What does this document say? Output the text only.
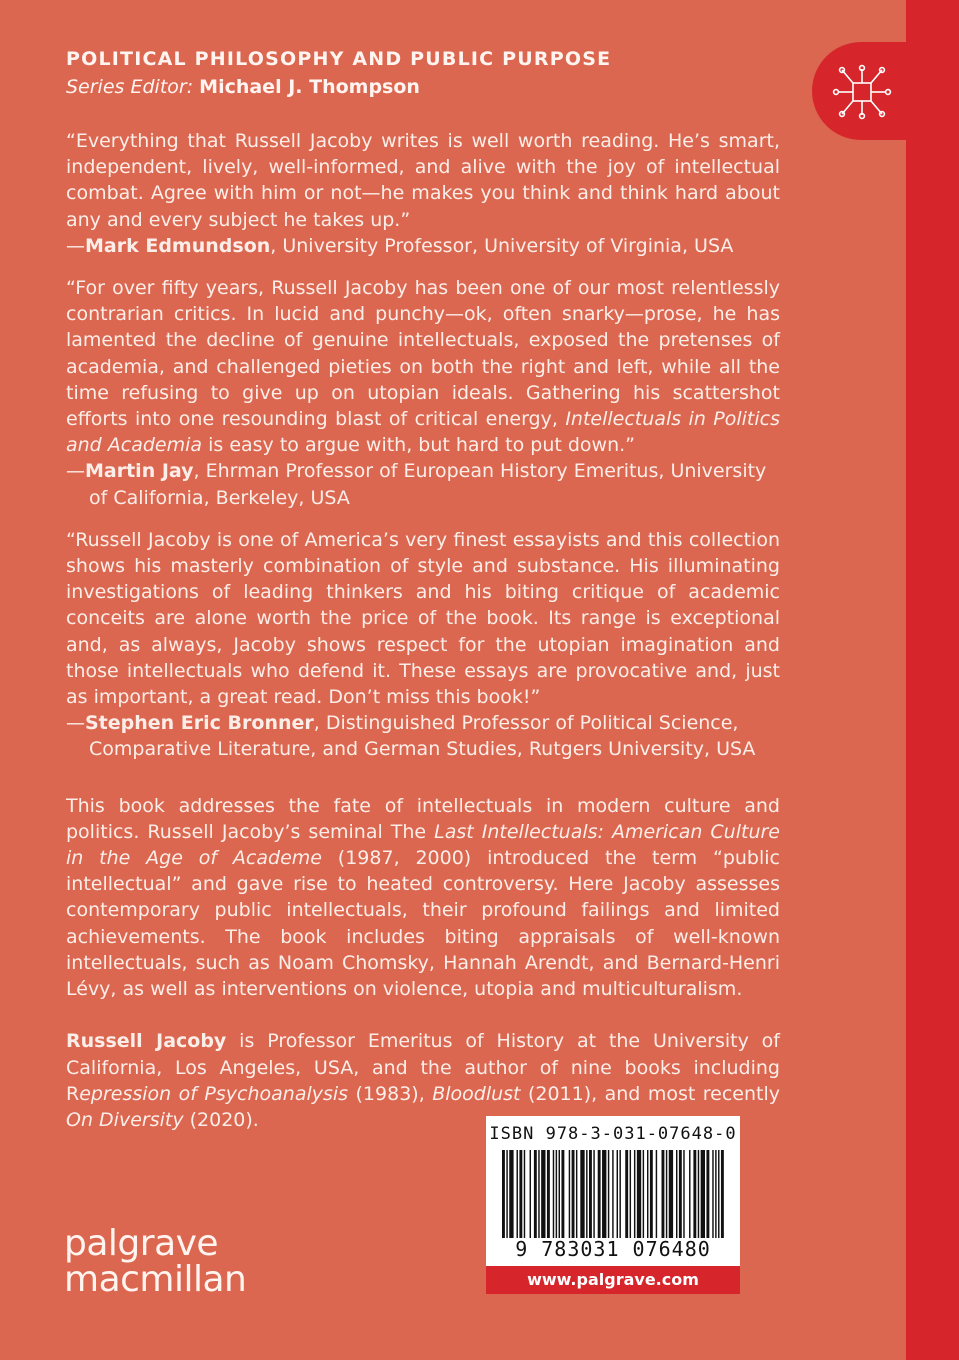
POLITICAL PHILOSOPHY AND PUBLIC PURPOSE
Series Editor: Michael J. Thompson
“Everything that Russell Jacoby writes is well worth reading. He’s smart, independent, lively, well-informed, and alive with the joy of intellectual combat. Agree with him or not—he makes you think and think hard about any and every subject he takes up.”
—Mark Edmundson, University Professor, University of Virginia, USA
“For over fifty years, Russell Jacoby has been one of our most relentlessly contrarian critics. In lucid and punchy—ok, often snarky—prose, he has lamented the decline of genuine intellectuals, exposed the pretenses of academia, and challenged pieties on both the right and left, while all the time refusing to give up on utopian ideals. Gathering his scattershot efforts into one resounding blast of critical energy, Intellectuals in Politics and Academia is easy to argue with, but hard to put down.”
—Martin Jay, Ehrman Professor of European History Emeritus, University of California, Berkeley, USA
“Russell Jacoby is one of America’s very finest essayists and this collection shows his masterly combination of style and substance. His illuminating investigations of leading thinkers and his biting critique of academic conceits are alone worth the price of the book. Its range is exceptional and, as always, Jacoby shows respect for the utopian imagination and those intellectuals who defend it. These essays are provocative and, just as important, a great read. Don’t miss this book!”
—Stephen Eric Bronner, Distinguished Professor of Political Science, Comparative Literature, and German Studies, Rutgers University, USA
This book addresses the fate of intellectuals in modern culture and politics. Russell Jacoby’s seminal The Last Intellectuals: American Culture in the Age of Academe (1987, 2000) introduced the term “public intellectual” and gave rise to heated controversy. Here Jacoby assesses contemporary public intellectuals, their profound failings and limited achievements. The book includes biting appraisals of well-known intellectuals, such as Noam Chomsky, Hannah Arendt, and Bernard-Henri Lévy, as well as interventions on violence, utopia and multiculturalism.
Russell Jacoby is Professor Emeritus of History at the University of California, Los Angeles, USA, and the author of nine books including Repression of Psychoanalysis (1983), Bloodlust (2011), and most recently On Diversity (2020).
palgrave
macmillan
ISBN 978-3-031-07648-0
9 783031 076480
www.palgrave.com
